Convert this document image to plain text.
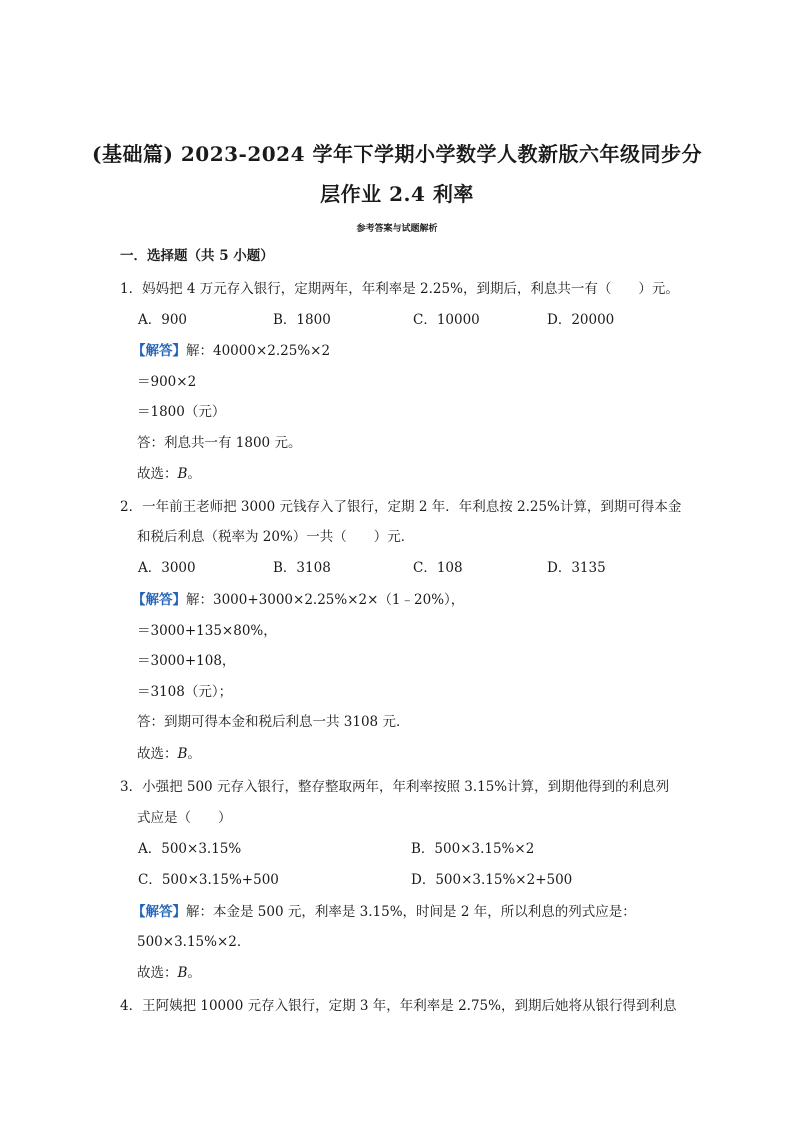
(基础篇) 2023-2024 学年下学期小学数学人教新版六年级同步分
层作业 2.4 利率
参考答案与试题解析
一．选择题（共 5 小题）
1．妈妈把 4 万元存入银行，定期两年，年利率是 2.25%，到期后，利息共一有（　　）元。
A．900	B．1800	C．10000	D．20000
【解答】解：40000×2.25%×2
＝900×2
＝1800（元）
答：利息共一有 1800 元。
故选：B。
2．一年前王老师把 3000 元钱存入了银行，定期 2 年．年利息按 2.25%计算，到期可得本金
和税后利息（税率为 20%）一共（　　）元．
A．3000	B．3108	C．108	D．3135
【解答】解：3000+3000×2.25%×2×（1﹣20%），
＝3000+135×80%，
＝3000+108，
＝3108（元）；
答：到期可得本金和税后利息一共 3108 元．
故选：B。
3．小强把 500 元存入银行，整存整取两年，年利率按照 3.15%计算，到期他得到的利息列
式应是（　　）
A．500×3.15%	B．500×3.15%×2
C．500×3.15%+500	D．500×3.15%×2+500
【解答】解：本金是 500 元，利率是 3.15%，时间是 2 年，所以利息的列式应是：
500×3.15%×2．
故选：B。
4．王阿姨把 10000 元存入银行，定期 3 年，年利率是 2.75%，到期后她将从银行得到利息
